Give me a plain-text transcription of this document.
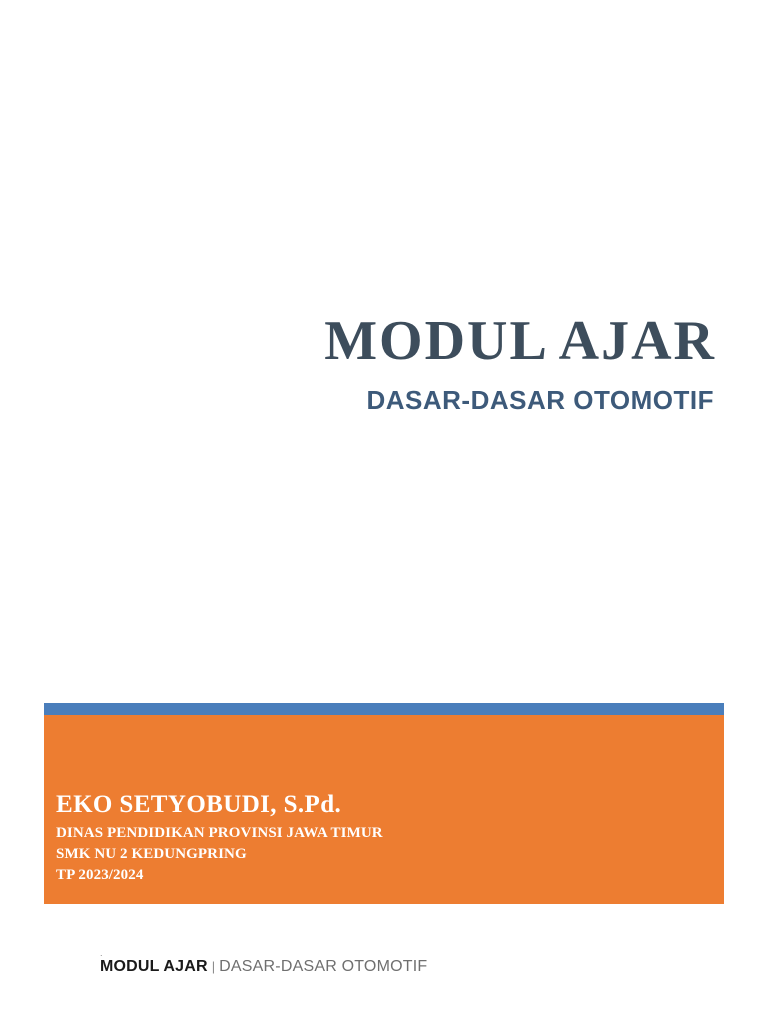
MODUL AJAR
DASAR-DASAR OTOMOTIF
EKO SETYOBUDI, S.Pd.
DINAS PENDIDIKAN PROVINSI JAWA TIMUR
SMK NU 2 KEDUNGPRING
TP 2023/2024
.
MODUL AJAR | DASAR-DASAR OTOMOTIF
